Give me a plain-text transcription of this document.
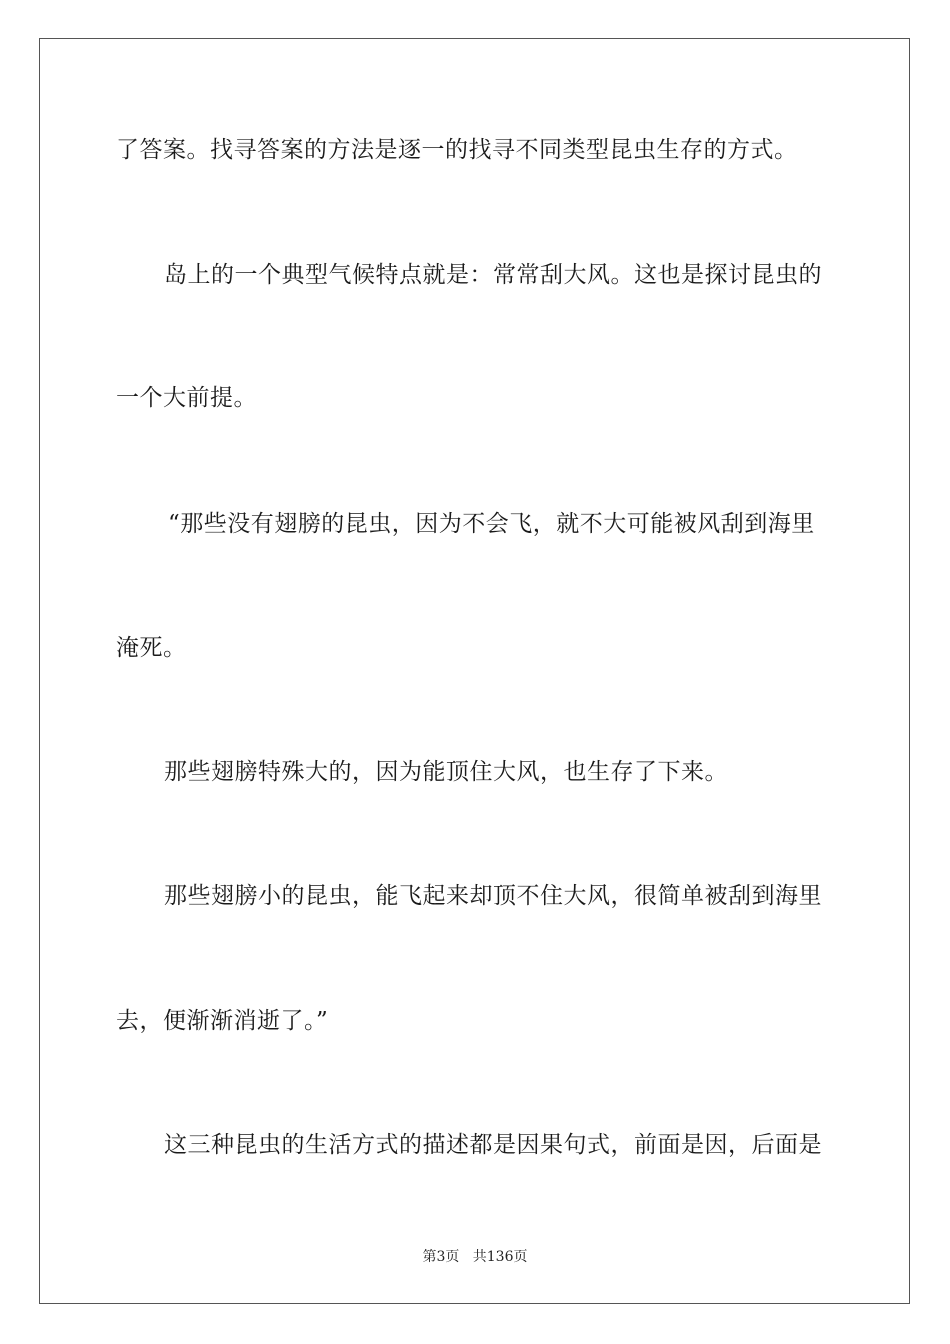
了答案。找寻答案的方法是逐一的找寻不同类型昆虫生存的方式。
岛上的一个典型气候特点就是：常常刮大风。这也是探讨昆虫的
一个大前提。
“那些没有翅膀的昆虫，因为不会飞，就不大可能被风刮到海里
淹死。
那些翅膀特殊大的，因为能顶住大风，也生存了下来。
那些翅膀小的昆虫，能飞起来却顶不住大风，很简单被刮到海里
去，便渐渐消逝了。”
这三种昆虫的生活方式的描述都是因果句式，前面是因，后面是
第3页   共136页
